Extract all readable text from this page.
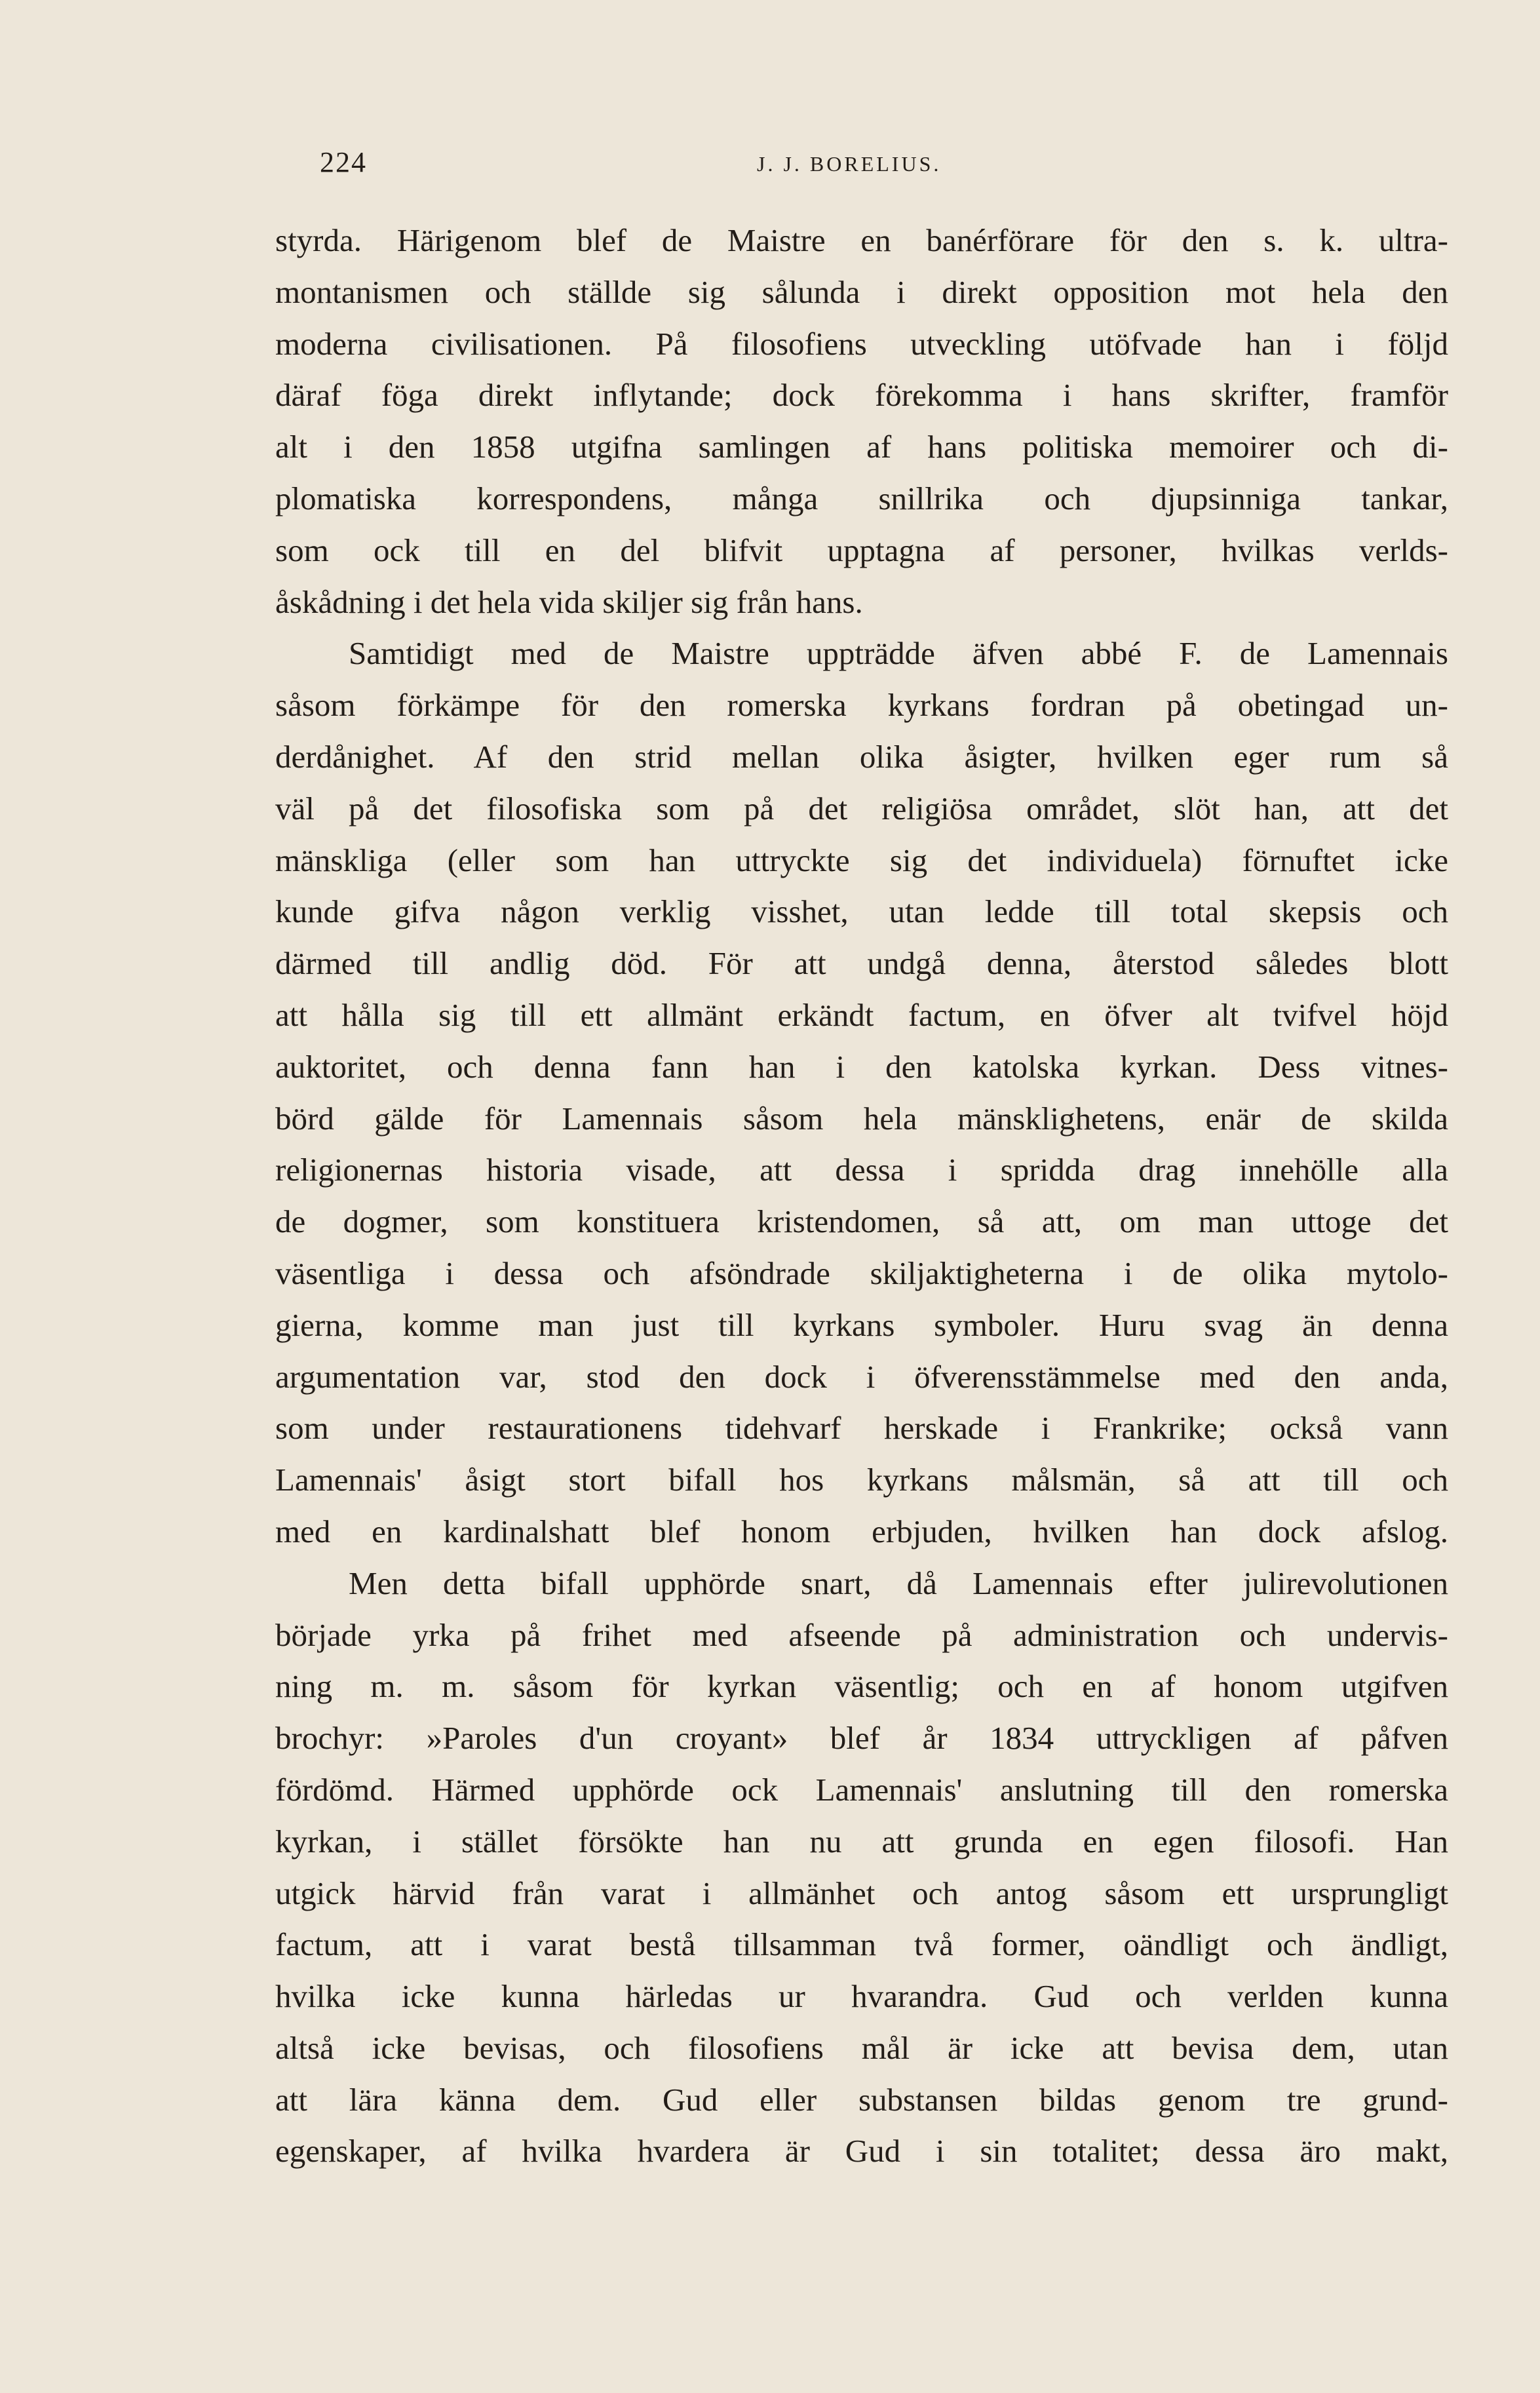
224	J. J. BORELIUS.
styrda. Härigenom blef de Maistre en banérförare för den s. k. ultra-
montanismen och ställde sig sålunda i direkt opposition mot hela den
moderna civilisationen. På filosofiens utveckling utöfvade han i följd
däraf föga direkt inflytande; dock förekomma i hans skrifter, framför
alt i den 1858 utgifna samlingen af hans politiska memoirer och di-
plomatiska korrespondens, många snillrika och djupsinniga tankar,
som ock till en del blifvit upptagna af personer, hvilkas verlds-
åskådning i det hela vida skiljer sig från hans.
Samtidigt med de Maistre uppträdde äfven abbé F. de Lamennais
såsom förkämpe för den romerska kyrkans fordran på obetingad un-
derdånighet. Af den strid mellan olika åsigter, hvilken eger rum så
väl på det filosofiska som på det religiösa området, slöt han, att det
mänskliga (eller som han uttryckte sig det individuela) förnuftet icke
kunde gifva någon verklig visshet, utan ledde till total skepsis och
därmed till andlig död. För att undgå denna, återstod således blott
att hålla sig till ett allmänt erkändt factum, en öfver alt tvifvel höjd
auktoritet, och denna fann han i den katolska kyrkan. Dess vitnes-
börd gälde för Lamennais såsom hela mänsklighetens, enär de skilda
religionernas historia visade, att dessa i spridda drag innehölle alla
de dogmer, som konstituera kristendomen, så att, om man uttoge det
väsentliga i dessa och afsöndrade skiljaktigheterna i de olika mytolo-
gierna, komme man just till kyrkans symboler. Huru svag än denna
argumentation var, stod den dock i öfverensstämmelse med den anda,
som under restaurationens tidehvarf herskade i Frankrike; också vann
Lamennais' åsigt stort bifall hos kyrkans målsmän, så att till och
med en kardinalshatt blef honom erbjuden, hvilken han dock afslog.
Men detta bifall upphörde snart, då Lamennais efter julirevolutionen
började yrka på frihet med afseende på administration och undervis-
ning m. m. såsom för kyrkan väsentlig; och en af honom utgifven
brochyr: »Paroles d'un croyant» blef år 1834 uttryckligen af påfven
fördömd. Härmed upphörde ock Lamennais' anslutning till den romerska
kyrkan, i stället försökte han nu att grunda en egen filosofi. Han
utgick härvid från varat i allmänhet och antog såsom ett ursprungligt
factum, att i varat bestå tillsamman två former, oändligt och ändligt,
hvilka icke kunna härledas ur hvarandra. Gud och verlden kunna
altså icke bevisas, och filosofiens mål är icke att bevisa dem, utan
att lära känna dem. Gud eller substansen bildas genom tre grund-
egenskaper, af hvilka hvardera är Gud i sin totalitet; dessa äro makt,
